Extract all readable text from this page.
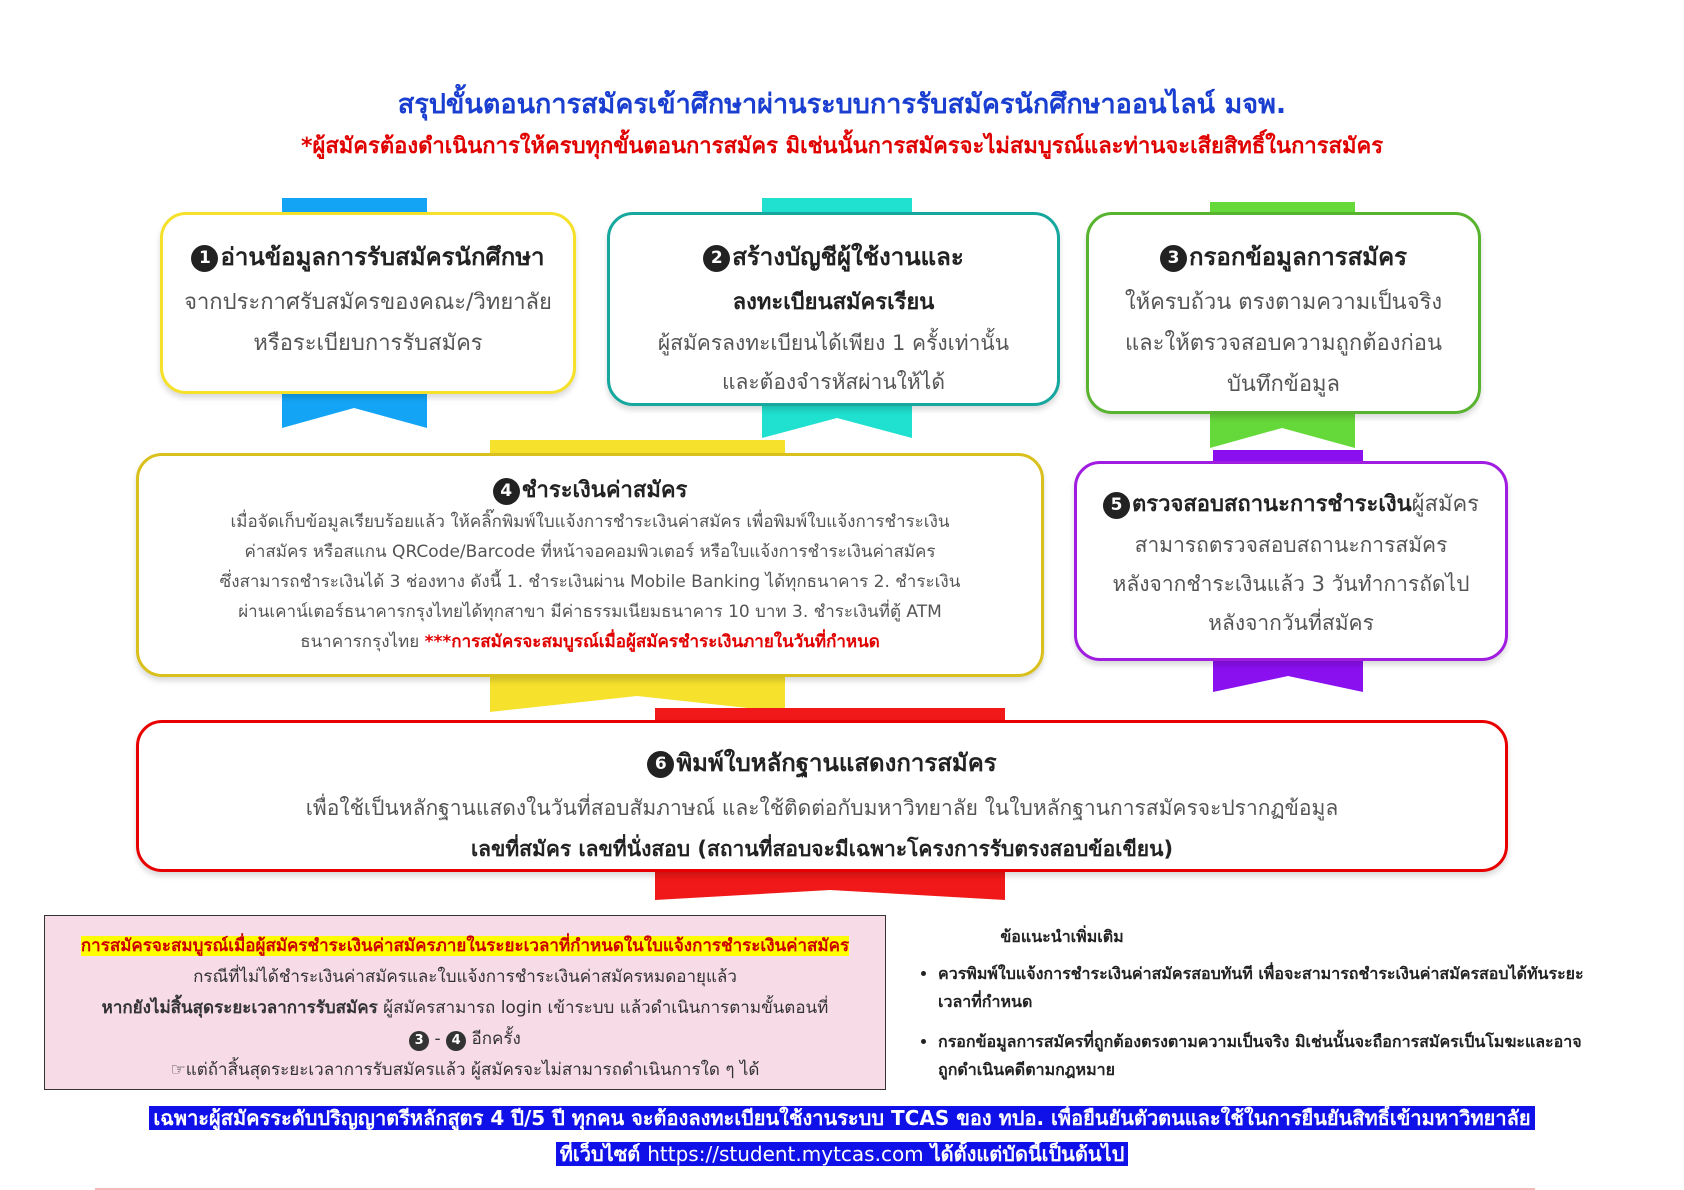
สรุปขั้นตอนการสมัครเข้าศึกษาผ่านระบบการรับสมัครนักศึกษาออนไลน์ มจพ.
*ผู้สมัครต้องดำเนินการให้ครบทุกขั้นตอนการสมัคร มิเช่นนั้นการสมัครจะไม่สมบูรณ์และท่านจะเสียสิทธิ์ในการสมัคร
1 อ่านข้อมูลการรับสมัครนักศึกษา
จากประกาศรับสมัครของคณะ/วิทยาลัย
หรือระเบียบการรับสมัคร
2 สร้างบัญชีผู้ใช้งานและ
ลงทะเบียนสมัครเรียน
ผู้สมัครลงทะเบียนได้เพียง 1 ครั้งเท่านั้น
และต้องจำรหัสผ่านให้ได้
3 กรอกข้อมูลการสมัคร
ให้ครบถ้วน ตรงตามความเป็นจริง
และให้ตรวจสอบความถูกต้องก่อน
บันทึกข้อมูล
4 ชำระเงินค่าสมัคร
เมื่อจัดเก็บข้อมูลเรียบร้อยแล้ว ให้คลิ๊กพิมพ์ใบแจ้งการชำระเงินค่าสมัคร เพื่อพิมพ์ใบแจ้งการชำระเงิน
ค่าสมัคร หรือสแกน QRCode/Barcode ที่หน้าจอคอมพิวเตอร์ หรือใบแจ้งการชำระเงินค่าสมัคร
ซึ่งสามารถชำระเงินได้ 3 ช่องทาง ดังนี้ 1. ชำระเงินผ่าน Mobile Banking ได้ทุกธนาคาร 2. ชำระเงิน
ผ่านเคาน์เตอร์ธนาคารกรุงไทยได้ทุกสาขา มีค่าธรรมเนียมธนาคาร 10 บาท 3. ชำระเงินที่ตู้ ATM
ธนาคารกรุงไทย ***การสมัครจะสมบูรณ์เมื่อผู้สมัครชำระเงินภายในวันที่กำหนด
5 ตรวจสอบสถานะการชำระเงินผู้สมัคร
สามารถตรวจสอบสถานะการสมัคร
หลังจากชำระเงินแล้ว 3 วันทำการถัดไป
หลังจากวันที่สมัคร
6 พิมพ์ใบหลักฐานแสดงการสมัคร
เพื่อใช้เป็นหลักฐานแสดงในวันที่สอบสัมภาษณ์ และใช้ติดต่อกับมหาวิทยาลัย ในใบหลักฐานการสมัครจะปรากฏข้อมูล
เลขที่สมัคร เลขที่นั่งสอบ (สถานที่สอบจะมีเฉพาะโครงการรับตรงสอบข้อเขียน)

การสมัครจะสมบูรณ์เมื่อผู้สมัครชำระเงินค่าสมัครภายในระยะเวลาที่กำหนดในใบแจ้งการชำระเงินค่าสมัคร

กรณีที่ไม่ได้ชำระเงินค่าสมัครและใบแจ้งการชำระเงินค่าสมัครหมดอายุแล้ว

หากยังไม่สิ้นสุดระยะเวลาการรับสมัคร ผู้สมัครสามารถ login เข้าระบบ แล้วดำเนินการตามขั้นตอนที่

3 - 4 อีกครั้ง

☞แต่ถ้าสิ้นสุดระยะเวลาการรับสมัครแล้ว ผู้สมัครจะไม่สามารถดำเนินการใด ๆ ได้

ข้อแนะนำเพิ่มเติม
• ควรพิมพ์ใบแจ้งการชำระเงินค่าสมัครสอบทันที เพื่อจะสามารถชำระเงินค่าสมัครสอบได้ทันระยะเวลาที่กำหนด
• กรอกข้อมูลการสมัครที่ถูกต้องตรงตามความเป็นจริง มิเช่นนั้นจะถือการสมัครเป็นโมฆะและอาจถูกดำเนินคดีตามกฎหมาย
เฉพาะผู้สมัครระดับปริญญาตรีหลักสูตร 4 ปี/5 ปี ทุกคน จะต้องลงทะเบียนใช้งานระบบ TCAS ของ ทปอ. เพื่อยืนยันตัวตนและใช้ในการยืนยันสิทธิ์เข้ามหาวิทยาลัย
ที่เว็บไซต์ https://student.mytcas.com ได้ตั้งแต่บัดนี้เป็นต้นไป
